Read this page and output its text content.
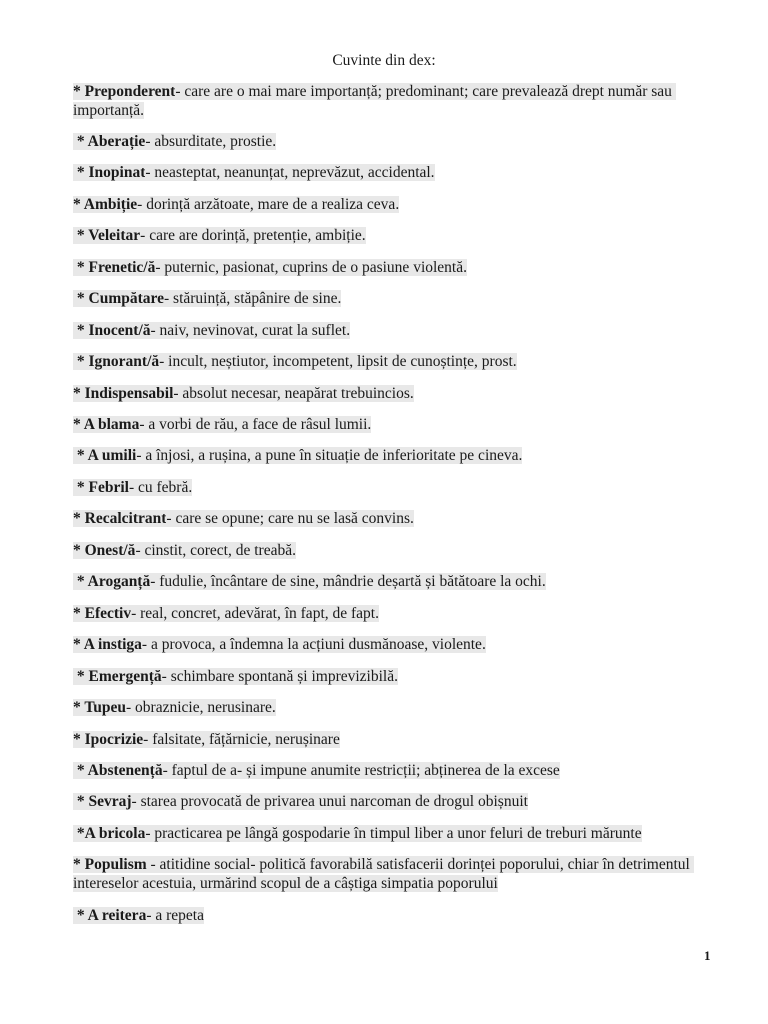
Cuvinte din dex:

* Preponderent- care are o mai mare importanță; predominant; care prevalează drept număr sau importanță.

* Aberație- absurditate, prostie.

* Inopinat- neasteptat, neanunțat, neprevăzut, accidental.

* Ambiție- dorință arzătoate, mare de a realiza ceva.

* Veleitar- care are dorință, pretenție, ambiție.

* Frenetic/ă- puternic, pasionat, cuprins de o pasiune violentă.

* Cumpătare- stăruință, stăpânire de sine.

* Inocent/ă- naiv, nevinovat, curat la suflet.

* Ignorant/ă- incult, neștiutor, incompetent, lipsit de cunoștințe, prost.

* Indispensabil- absolut necesar, neapărat trebuincios.

* A blama- a vorbi de rău, a face de râsul lumii.

* A umili- a înjosi, a rușina, a pune în situație de inferioritate pe cineva.

* Febril- cu febră.

* Recalcitrant- care se opune; care nu se lasă convins.

* Onest/ă- cinstit, corect, de treabă.

* Aroganță- fudulie, încântare de sine, mândrie deșartă și bătătoare la ochi.

* Efectiv- real, concret, adevărat, în fapt, de fapt.

* A instiga- a provoca, a îndemna la acțiuni dusmănoase, violente.

* Emergență- schimbare spontană și imprevizibilă.

* Tupeu- obraznicie, nerusinare.

* Ipocrizie- falsitate, fățărnicie, nerușinare

* Abstenență- faptul de a- și impune anumite restricții; abținerea de la excese

* Sevraj- starea provocată de privarea unui narcoman de drogul obișnuit

*A bricola- practicarea pe lângă gospodarie în timpul liber a unor feluri de treburi mărunte

* Populism - atitidine social- politică favorabilă satisfacerii dorinței poporului, chiar în detrimentul intereselor acestuia, urmărind scopul de a câștiga simpatia poporului

* A reitera- a repeta

1
